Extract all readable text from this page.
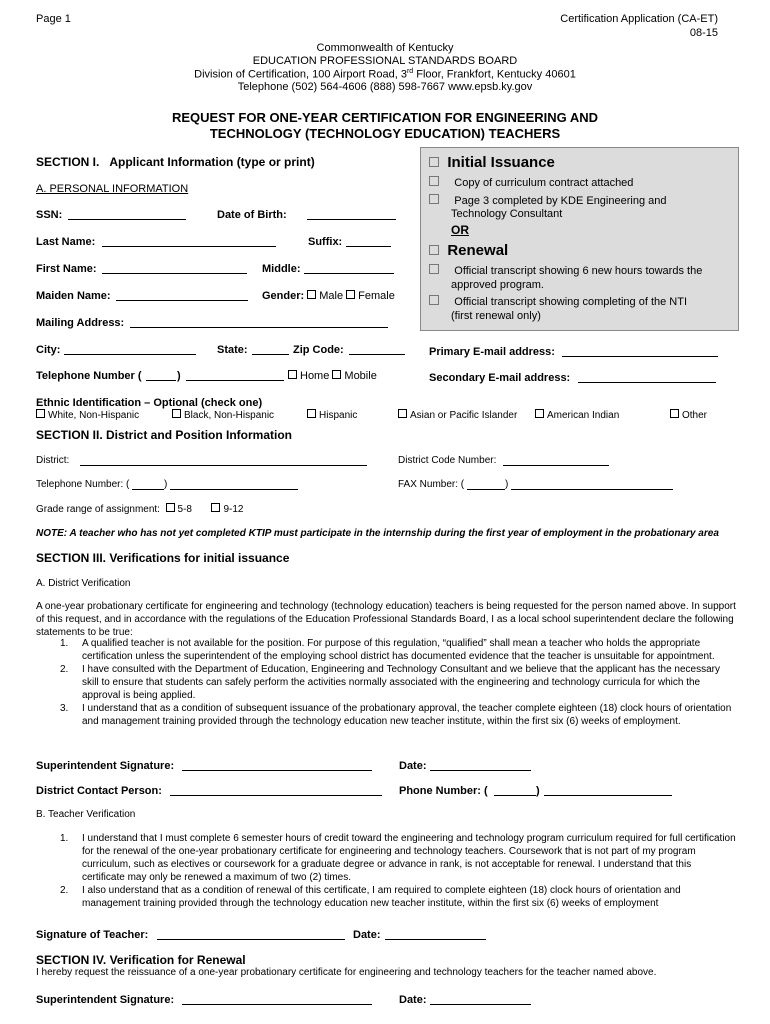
Page 1	Certification Application (CA-ET)
08-15
Commonwealth of Kentucky
EDUCATION PROFESSIONAL STANDARDS BOARD
Division of Certification, 100 Airport Road, 3rd Floor, Frankfort, Kentucky 40601
Telephone (502) 564-4606 (888) 598-7667 www.epsb.ky.gov
REQUEST FOR ONE-YEAR CERTIFICATION FOR ENGINEERING AND
TECHNOLOGY (TECHNOLOGY EDUCATION) TEACHERS
SECTION I. Applicant Information (type or print)
A. PERSONAL INFORMATION
SSN:	Date of Birth:
Last Name:	Suffix:
First Name:	Middle:
Maiden Name:	Gender: Male Female
Mailing Address:
City:	State:	Zip Code:	Primary E-mail address:
Telephone Number (	)	Home Mobile	Secondary E-mail address:
Ethnic Identification – Optional (check one)
White, Non-Hispanic	Black, Non-Hispanic	Hispanic	Asian or Pacific Islander	American Indian	Other
Initial Issuance
Copy of curriculum contract attached
Page 3 completed by KDE Engineering and
Technology Consultant
OR
Renewal
Official transcript showing 6 new hours towards the
approved program.
Official transcript showing completing of the NTI
(first renewal only)
SECTION II. District and Position Information
District:	District Code Number:
Telephone Number: (	)	FAX Number: (	)
Grade range of assignment: 5-8	9-12
NOTE: A teacher who has not yet completed KTIP must participate in the internship during the first year of employment in the probationary area
SECTION III. Verifications for initial issuance
A. District Verification
A one-year probationary certificate for engineering and technology (technology education) teachers is being requested for the person named above. In support of this request, and in accordance with the regulations of the Education Professional Standards Board, I as a local school superintendent declare the following statements to be true:
1. A qualified teacher is not available for the position. For purpose of this regulation, “qualified” shall mean a teacher who holds the appropriate certification unless the superintendent of the employing school district has documented evidence that the teacher is unsuitable for appointment.
2. I have consulted with the Department of Education, Engineering and Technology Consultant and we believe that the applicant has the necessary skill to ensure that students can safely perform the activities normally associated with the engineering and technology curricula for which the approval is being applied.
3. I understand that as a condition of subsequent issuance of the probationary approval, the teacher complete eighteen (18) clock hours of orientation and management training provided through the technology education new teacher institute, within the first six (6) weeks of employment.
Superintendent Signature:	Date:
District Contact Person:	Phone Number: (	)
B. Teacher Verification
1. I understand that I must complete 6 semester hours of credit toward the engineering and technology program curriculum required for full certification for the renewal of the one-year probationary certificate for engineering and technology teachers. Coursework that is not part of my program curriculum, such as electives or coursework for a graduate degree or advance in rank, is not acceptable for renewal. I understand that this certificate may only be renewed a maximum of two (2) times.
2. I also understand that as a condition of renewal of this certificate, I am required to complete eighteen (18) clock hours of orientation and management training provided through the technology education new teacher institute, within the first six (6) weeks of employment
Signature of Teacher:	Date:
SECTION IV. Verification for Renewal
I hereby request the reissuance of a one-year probationary certificate for engineering and technology teachers for the teacher named above.
Superintendent Signature:	Date:
